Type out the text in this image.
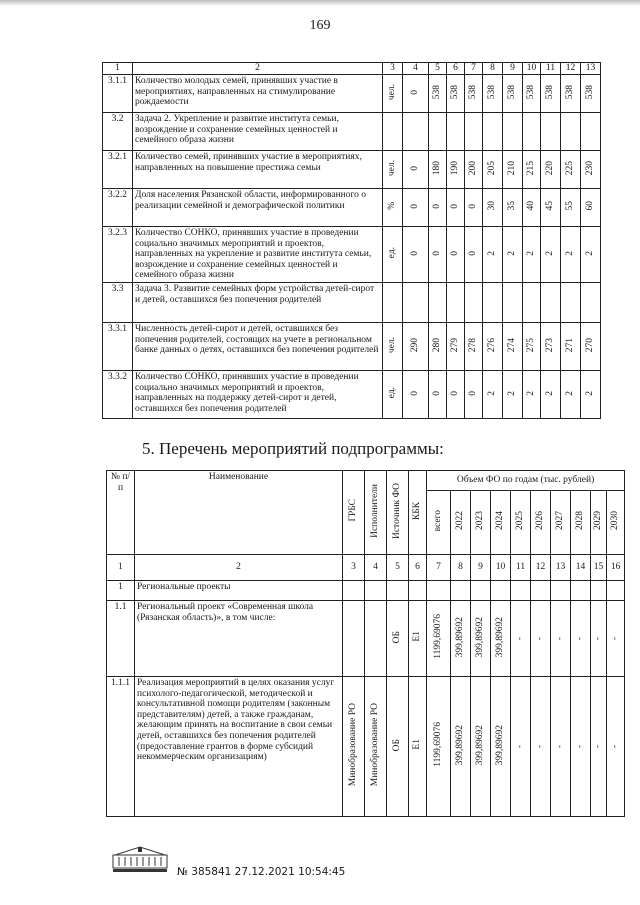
169
1	2	3	4	5	6	7	8	9	10	11	12	13
3.1.1	Количество молодых семей, принявших участие в мероприятиях, направленных на стимулирование рождаемости	чел.	0	538	538	538	538	538	538	538	538	538
3.2	Задача 2. Укрепление и развитие института семьи, возрождение и сохранение семейных ценностей и семейного образа жизни											
3.2.1	Количество семей, принявших участие в мероприятиях, направленных на повышение престижа семьи	чел.	0	180	190	200	205	210	215	220	225	230
3.2.2	Доля населения Рязанской области, информированного о реализации семейной и демографической политики	%	0	0	0	0	30	35	40	45	55	60
3.2.3	Количество СОНКО, принявших участие в проведении социально значимых мероприятий и проектов, направленных на укрепление и развитие института семьи, возрождение и сохранение семейных ценностей и семейного образа жизни	ед.	0	0	0	0	2	2	2	2	2	2
3.3	Задача 3. Развитие семейных форм устройства детей-сирот и детей, оставшихся без попечения родителей											
3.3.1	Численность детей-сирот и детей, оставшихся без попечения родителей, состоящих на учете в региональном банке данных о детях, оставшихся без попечения родителей	чел.	290	280	279	278	276	274	275	273	271	270
3.3.2	Количество СОНКО, принявших участие в проведении социально значимых мероприятий и проектов, направленных на поддержку детей-сирот и детей, оставшихся без попечения родителей	ед.	0	0	0	0	2	2	2	2	2	2
5. Перечень мероприятий подпрограммы:
№ п/п	Наименование	ГРБС	Исполнители	Источник ФО	КБК	Объем ФО по годам (тыс. рублей)									
						всего	2022	2023	2024	2025	2026	2027	2028	2029	2030
1	2	3	4	5	6	7	8	9	10	11	12	13	14	15	16
1	Региональные проекты														
1.1	Региональный проект «Современная школа (Рязанская область)», в том числе:			ОБ	Е1	1199,69076	399,89692	399,89692	399,89692	-	-	-	-	-	-
1.1.1	Реализация мероприятий в целях оказания услуг психолого-педагогической, методической и консультативной помощи родителям (законным представителям) детей, а также гражданам, желающим принять на воспитание в свои семьи детей, оставшихся без попечения родителей (предоставление грантов в форме субсидий некоммерческим организациям)	Минобразование РО	Минобразование РО	ОБ	Е1	1199,69076	399,89692	399,89692	399,89692	-	-	-	-	-	-
№ 385841 27.12.2021 10:54:45
